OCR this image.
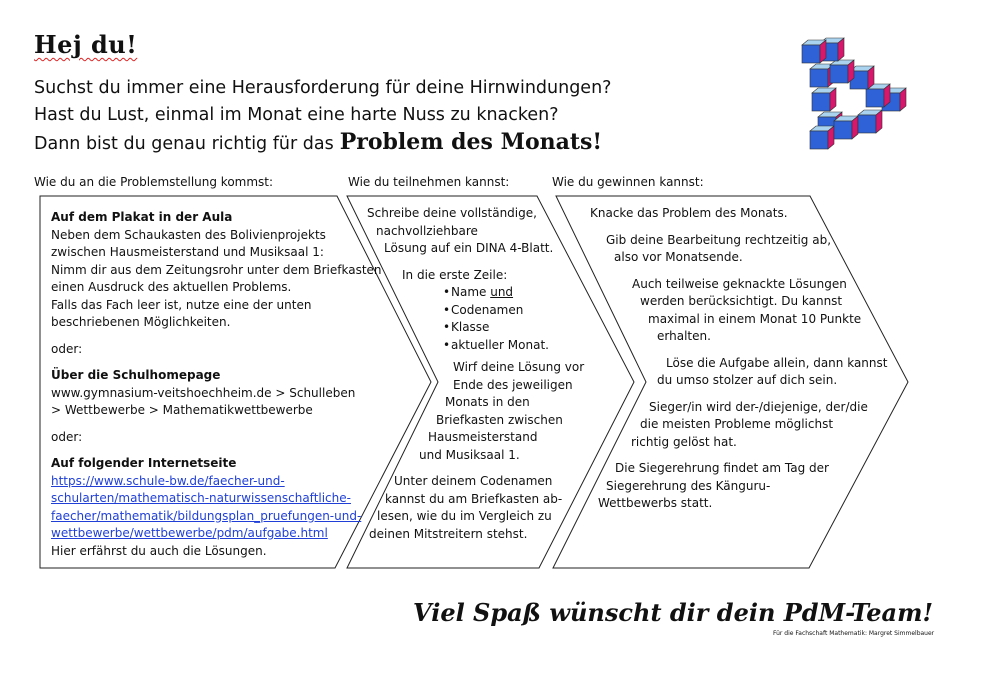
Hej du!
Suchst du immer eine Herausforderung für deine Hirnwindungen?
Hast du Lust, einmal im Monat eine harte Nuss zu knacken?
Dann bist du genau richtig für das Problem des Monats!
Wie du an die Problemstellung kommst:	Wie du teilnehmen kannst:	Wie du gewinnen kannst:

Auf dem Plakat in der Aula

Neben dem Schaukasten des Bolivienprojekts

zwischen Hausmeisterstand und Musiksaal 1:

Nimm dir aus dem Zeitungsrohr unter dem Briefkasten

einen Ausdruck des aktuellen Problems.

Falls das Fach leer ist, nutze eine der unten

beschriebenen Möglichkeiten.

oder:

Über die Schulhomepage

www.gymnasium-veitshoechheim.de > Schulleben

> Wettbewerbe > Mathematikwettbewerbe

oder:

Auf folgender Internetseite

https://www.schule-bw.de/faecher-und-

schularten/mathematisch-naturwissenschaftliche-

faecher/mathematik/bildungsplan_pruefungen-und-

wettbewerbe/wettbewerbe/pdm/aufgabe.html

Hier erfährst du auch die Lösungen.

Schreibe deine vollständige,

nachvollziehbare

Lösung auf ein DINA 4-Blatt.

In die erste Zeile:

• Name und
• Codenamen
• Klasse
• aktueller Monat.

Wirf deine Lösung vor

Ende des jeweiligen

Monats in den

Briefkasten zwischen

Hausmeisterstand

und Musiksaal 1.

Unter deinem Codenamen

kannst du am Briefkasten ab-

lesen, wie du im Vergleich zu

deinen Mitstreitern stehst.

Knacke das Problem des Monats.

Gib deine Bearbeitung rechtzeitig ab,

also vor Monatsende.

Auch teilweise geknackte Lösungen

werden berücksichtigt. Du kannst

maximal in einem Monat 10 Punkte

erhalten.

Löse die Aufgabe allein, dann kannst

du umso stolzer auf dich sein.

Sieger/in wird der-/diejenige, der/die

die meisten Probleme möglichst

richtig gelöst hat.

Die Siegerehrung findet am Tag der

Siegerehrung des Känguru-

Wettbewerbs statt.

Viel Spaß wünscht dir dein PdM-Team!
Für die Fachschaft Mathematik: Margret Simmelbauer
